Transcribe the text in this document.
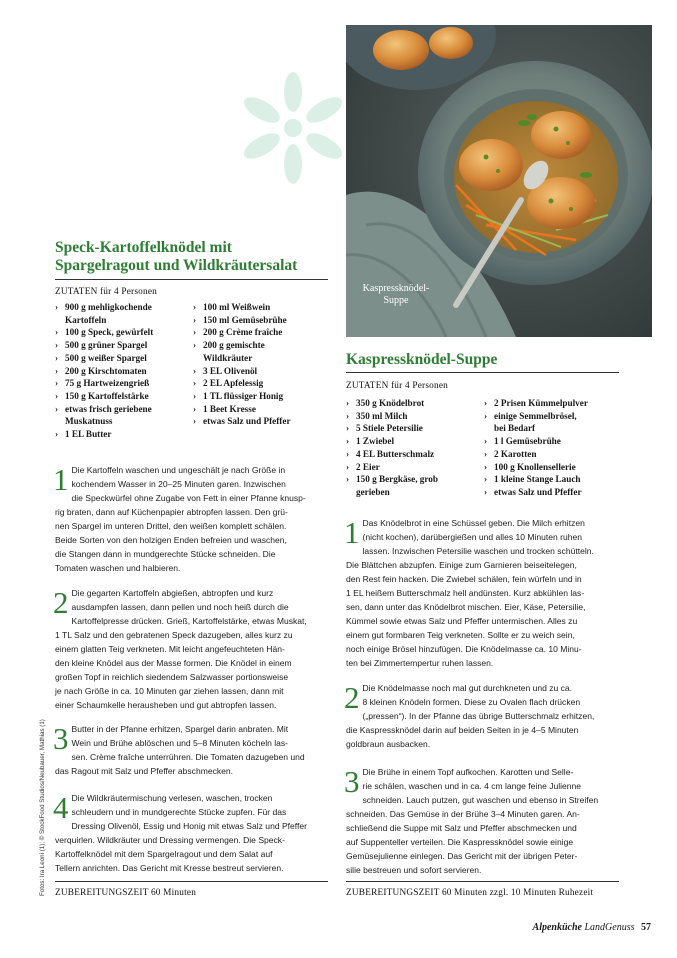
Kaspressknödel-
Suppe
Fotos: Ira Leoni (1); © StockFood Studios/Neubauer, Mathias (1)
Speck-Kartoffelknödel mit
Spargelragout und Wildkräutersalat
ZUTATEN für 4 Personen
› 900 g mehligkochende
Kartoffeln
› 100 g Speck, gewürfelt
› 500 g grüner Spargel
› 500 g weißer Spargel
› 200 g Kirschtomaten
› 75 g Hartweizengrieß
› 150 g Kartoffelstärke
› etwas frisch geriebene
Muskatnuss
› 1 EL Butter
› 100 ml Weißwein
› 150 ml Gemüsebrühe
› 200 g Crème fraîche
› 200 g gemischte
Wildkräuter
› 3 EL Olivenöl
› 2 EL Apfelessig
› 1 TL flüssiger Honig
› 1 Beet Kresse
› etwas Salz und Pfeffer
1 Die Kartoffeln waschen und ungeschält je nach Größe in
kochendem Wasser in 20–25 Minuten garen. Inzwischen
die Speckwürfel ohne Zugabe von Fett in einer Pfanne knusp-
rig braten, dann auf Küchenpapier abtropfen lassen. Den grü-
nen Spargel im unteren Drittel, den weißen komplett schälen.
Beide Sorten von den holzigen Enden befreien und waschen,
die Stangen dann in mundgerechte Stücke schneiden. Die
Tomaten waschen und halbieren.
2 Die gegarten Kartoffeln abgießen, abtropfen und kurz
ausdampfen lassen, dann pellen und noch heiß durch die
Kartoffelpresse drücken. Grieß, Kartoffelstärke, etwas Muskat,
1 TL Salz und den gebratenen Speck dazugeben, alles kurz zu
einem glatten Teig verkneten. Mit leicht angefeuchteten Hän-
den kleine Knödel aus der Masse formen. Die Knödel in einem
großen Topf in reichlich siedendem Salzwasser portionsweise
je nach Größe in ca. 10 Minuten gar ziehen lassen, dann mit
einer Schaumkelle herausheben und gut abtropfen lassen.
3 Butter in der Pfanne erhitzen, Spargel darin anbraten. Mit
Wein und Brühe ablöschen und 5–8 Minuten köcheln las-
sen. Crème fraîche unterrühren. Die Tomaten dazugeben und
das Ragout mit Salz und Pfeffer abschmecken.
4 Die Wildkräutermischung verlesen, waschen, trocken
schleudern und in mundgerechte Stücke zupfen. Für das
Dressing Olivenöl, Essig und Honig mit etwas Salz und Pfeffer
verquirlen. Wildkräuter und Dressing vermengen. Die Speck-
Kartoffelknödel mit dem Spargelragout und dem Salat auf
Tellern anrichten. Das Gericht mit Kresse bestreut servieren.
ZUBEREITUNGSZEIT 60 Minuten
Kaspressknödel-Suppe
ZUTATEN für 4 Personen
› 350 g Knödelbrot
› 350 ml Milch
› 5 Stiele Petersilie
› 1 Zwiebel
› 4 EL Butterschmalz
› 2 Eier
› 150 g Bergkäse, grob
gerieben
› 2 Prisen Kümmelpulver
› einige Semmelbrösel,
bei Bedarf
› 1 l Gemüsebrühe
› 2 Karotten
› 100 g Knollensellerie
› 1 kleine Stange Lauch
› etwas Salz und Pfeffer
1 Das Knödelbrot in eine Schüssel geben. Die Milch erhitzen
(nicht kochen), darübergießen und alles 10 Minuten ruhen
lassen. Inzwischen Petersilie waschen und trocken schütteln.
Die Blättchen abzupfen. Einige zum Garnieren beiseitelegen,
den Rest fein hacken. Die Zwiebel schälen, fein würfeln und in
1 EL heißem Butterschmalz hell andünsten. Kurz abkühlen las-
sen, dann unter das Knödelbrot mischen. Eier, Käse, Petersilie,
Kümmel sowie etwas Salz und Pfeffer untermischen. Alles zu
einem gut formbaren Teig verkneten. Sollte er zu weich sein,
noch einige Brösel hinzufügen. Die Knödelmasse ca. 10 Minu-
ten bei Zimmertempertur ruhen lassen.
2 Die Knödelmasse noch mal gut durchkneten und zu ca.
8 kleinen Knödeln formen. Diese zu Ovalen flach drücken
(„pressen“). In der Pfanne das übrige Butterschmalz erhitzen,
die Kaspressknödel darin auf beiden Seiten in je 4–5 Minuten
goldbraun ausbacken.
3 Die Brühe in einem Topf aufkochen. Karotten und Selle-
rie schälen, waschen und in ca. 4 cm lange feine Julienne
schneiden. Lauch putzen, gut waschen und ebenso in Streifen
schneiden. Das Gemüse in der Brühe 3–4 Minuten garen. An-
schließend die Suppe mit Salz und Pfeffer abschmecken und
auf Suppenteller verteilen. Die Kaspressknödel sowie einige
Gemüsejulienne einlegen. Das Gericht mit der übrigen Peter-
silie bestreuen und sofort servieren.
ZUBEREITUNGSZEIT 60 Minuten zzgl. 10 Minuten Ruhezeit
Alpenküche LandGenuss 57
